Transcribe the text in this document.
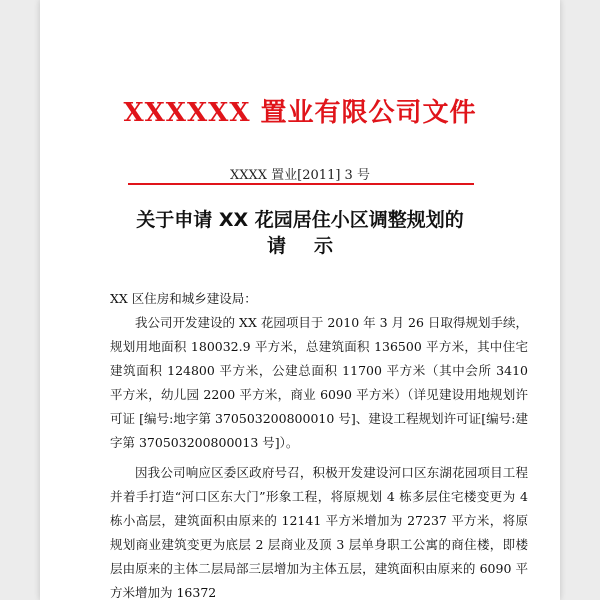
XXXXXX 置业有限公司文件
XXXX 置业[2011] 3 号
关于申请 XX 花园居住小区调整规划的
请示

XX 区住房和城乡建设局：

我公司开发建设的 XX 花园项目于 2010 年 3 月 26 日取得规划手续，规划用地面积 180032.9 平方米，总建筑面积 136500 平方米，其中住宅建筑面积 124800 平方米，公建总面积 11700 平方米（其中会所 3410 平方米，幼儿园 2200 平方米，商业 6090 平方米）（详见建设用地规划许可证 [编号:地字第 370503200800010 号]、建设工程规划许可证[编号:建字第 370503200800013 号]）。

因我公司响应区委区政府号召，积极开发建设河口区东湖花园项目工程并着手打造“河口区东大门”形象工程，将原规划 4 栋多层住宅楼变更为 4 栋小高层，建筑面积由原来的 12141 平方米增加为 27237 平方米，将原规划商业建筑变更为底层 2 层商业及顶 3 层单身职工公寓的商住楼，即楼层由原来的主体二层局部三层增加为主体五层，建筑面积由原来的 6090 平方米增加为 16372
